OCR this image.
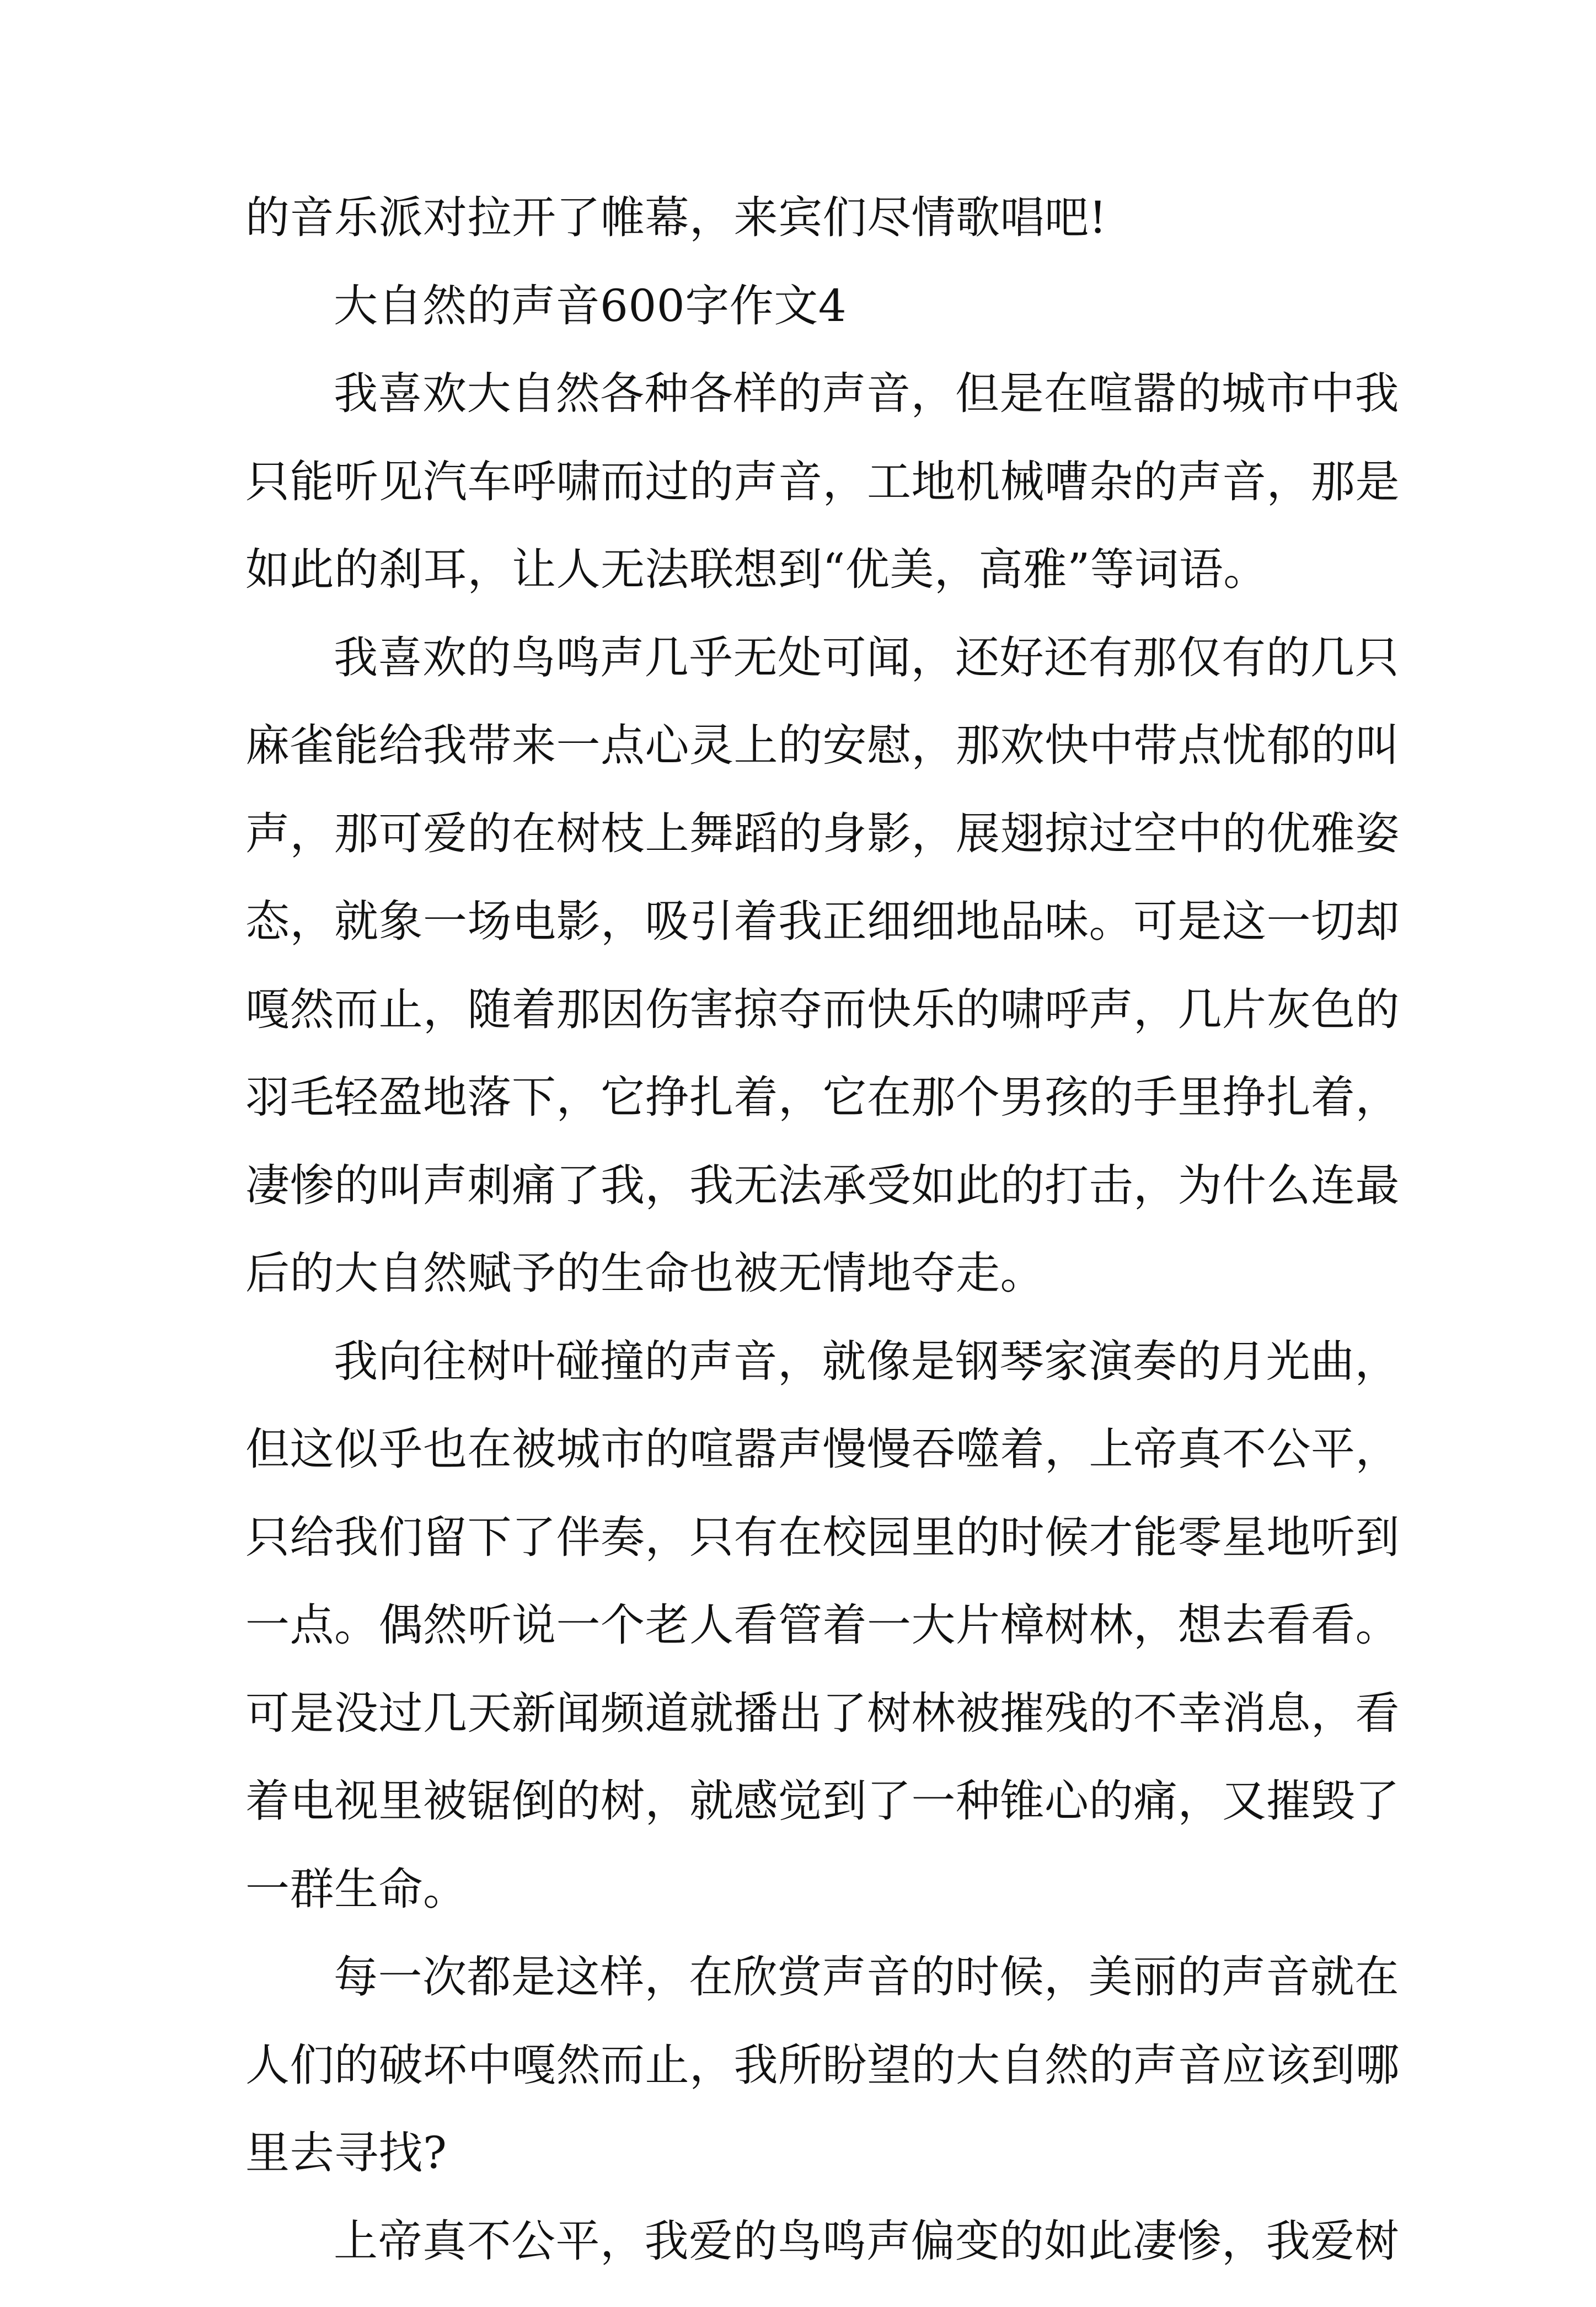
的音乐派对拉开了帷幕，来宾们尽情歌唱吧!
大自然的声音600字作文4
我喜欢大自然各种各样的声音，但是在喧嚣的城市中我
只能听见汽车呼啸而过的声音，工地机械嘈杂的声音，那是
如此的刹耳，让人无法联想到“优美，高雅”等词语。
我喜欢的鸟鸣声几乎无处可闻，还好还有那仅有的几只
麻雀能给我带来一点心灵上的安慰，那欢快中带点忧郁的叫
声，那可爱的在树枝上舞蹈的身影，展翅掠过空中的优雅姿
态，就象一场电影，吸引着我正细细地品味。可是这一切却
嘎然而止，随着那因伤害掠夺而快乐的啸呼声，几片灰色的
羽毛轻盈地落下，它挣扎着，它在那个男孩的手里挣扎着，
凄惨的叫声刺痛了我，我无法承受如此的打击，为什么连最
后的大自然赋予的生命也被无情地夺走。
我向往树叶碰撞的声音，就像是钢琴家演奏的月光曲，
但这似乎也在被城市的喧嚣声慢慢吞噬着，上帝真不公平，
只给我们留下了伴奏，只有在校园里的时候才能零星地听到
一点。偶然听说一个老人看管着一大片樟树林，想去看看。
可是没过几天新闻频道就播出了树林被摧残的不幸消息，看
着电视里被锯倒的树，就感觉到了一种锥心的痛，又摧毁了
一群生命。
每一次都是这样，在欣赏声音的时候，美丽的声音就在
人们的破坏中嘎然而止，我所盼望的大自然的声音应该到哪
里去寻找?
上帝真不公平，我爱的鸟鸣声偏变的如此凄惨，我爱树
